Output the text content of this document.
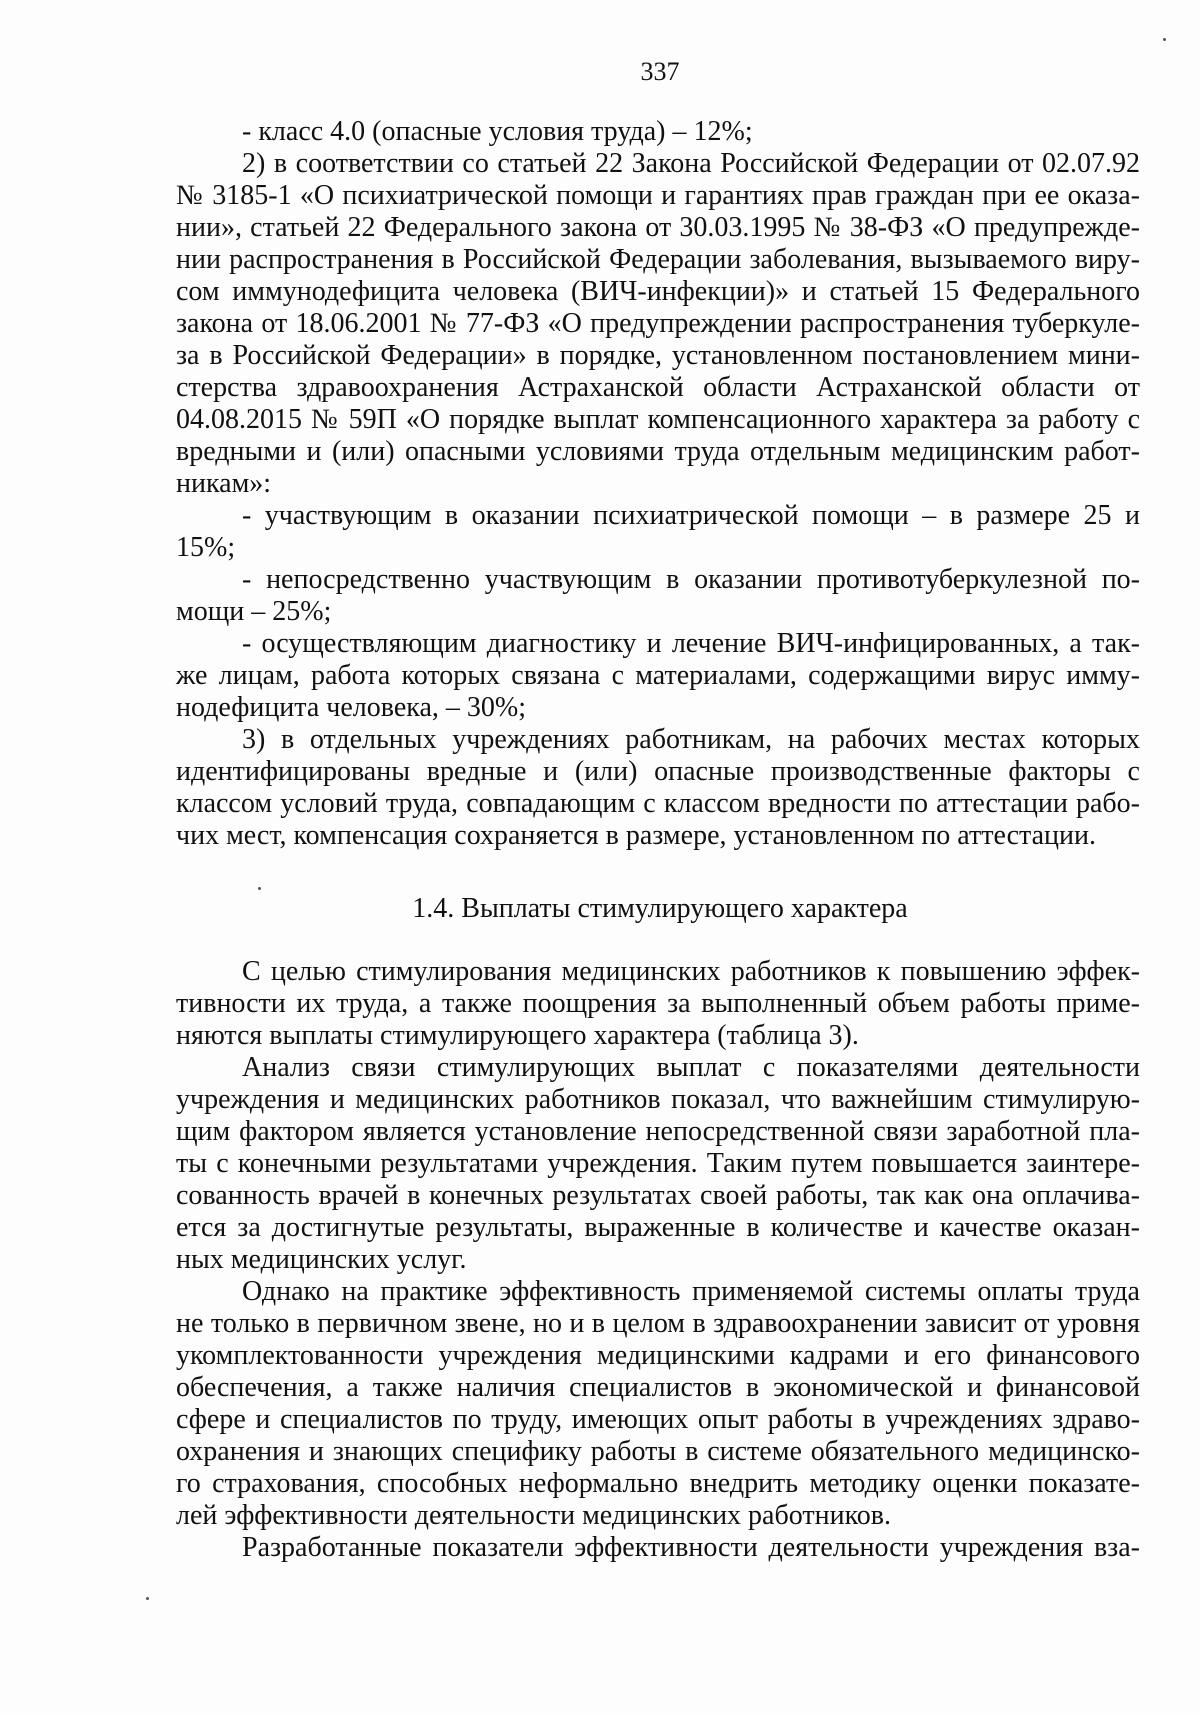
337
- класс 4.0 (опасные условия труда) – 12%;
2) в соответствии со статьей 22 Закона Российской Федерации от 02.07.92
№ 3185-1 «О психиатрической помощи и гарантиях прав граждан при ее оказа-
нии», статьей 22 Федерального закона от 30.03.1995 № 38-ФЗ «О предупрежде-
нии распространения в Российской Федерации заболевания, вызываемого виру-
сом иммунодефицита человека (ВИЧ-инфекции)» и статьей 15 Федерального
закона от 18.06.2001 № 77-ФЗ «О предупреждении распространения туберкуле-
за в Российской Федерации» в порядке, установленном постановлением мини-
стерства здравоохранения Астраханской области Астраханской области от
04.08.2015 № 59П «О порядке выплат компенсационного характера за работу с
вредными и (или) опасными условиями труда отдельным медицинским работ-
никам»:
- участвующим в оказании психиатрической помощи – в размере 25 и
15%;
- непосредственно участвующим в оказании противотуберкулезной по-
мощи – 25%;
- осуществляющим диагностику и лечение ВИЧ-инфицированных, а так-
же лицам, работа которых связана с материалами, содержащими вирус имму-
нодефицита человека, – 30%;
3) в отдельных учреждениях работникам, на рабочих местах которых
идентифицированы вредные и (или) опасные производственные факторы с
классом условий труда, совпадающим с классом вредности по аттестации рабо-
чих мест, компенсация сохраняется в размере, установленном по аттестации.
1.4. Выплаты стимулирующего характера
С целью стимулирования медицинских работников к повышению эффек-
тивности их труда, а также поощрения за выполненный объем работы приме-
няются выплаты стимулирующего характера (таблица 3).
Анализ связи стимулирующих выплат с показателями деятельности
учреждения и медицинских работников показал, что важнейшим стимулирую-
щим фактором является установление непосредственной связи заработной пла-
ты с конечными результатами учреждения. Таким путем повышается заинтере-
сованность врачей в конечных результатах своей работы, так как она оплачива-
ется за достигнутые результаты, выраженные в количестве и качестве оказан-
ных медицинских услуг.
Однако на практике эффективность применяемой системы оплаты труда
не только в первичном звене, но и в целом в здравоохранении зависит от уровня
укомплектованности учреждения медицинскими кадрами и его финансового
обеспечения, а также наличия специалистов в экономической и финансовой
сфере и специалистов по труду, имеющих опыт работы в учреждениях здраво-
охранения и знающих специфику работы в системе обязательного медицинско-
го страхования, способных неформально внедрить методику оценки показате-
лей эффективности деятельности медицинских работников.
Разработанные показатели эффективности деятельности учреждения вза-
